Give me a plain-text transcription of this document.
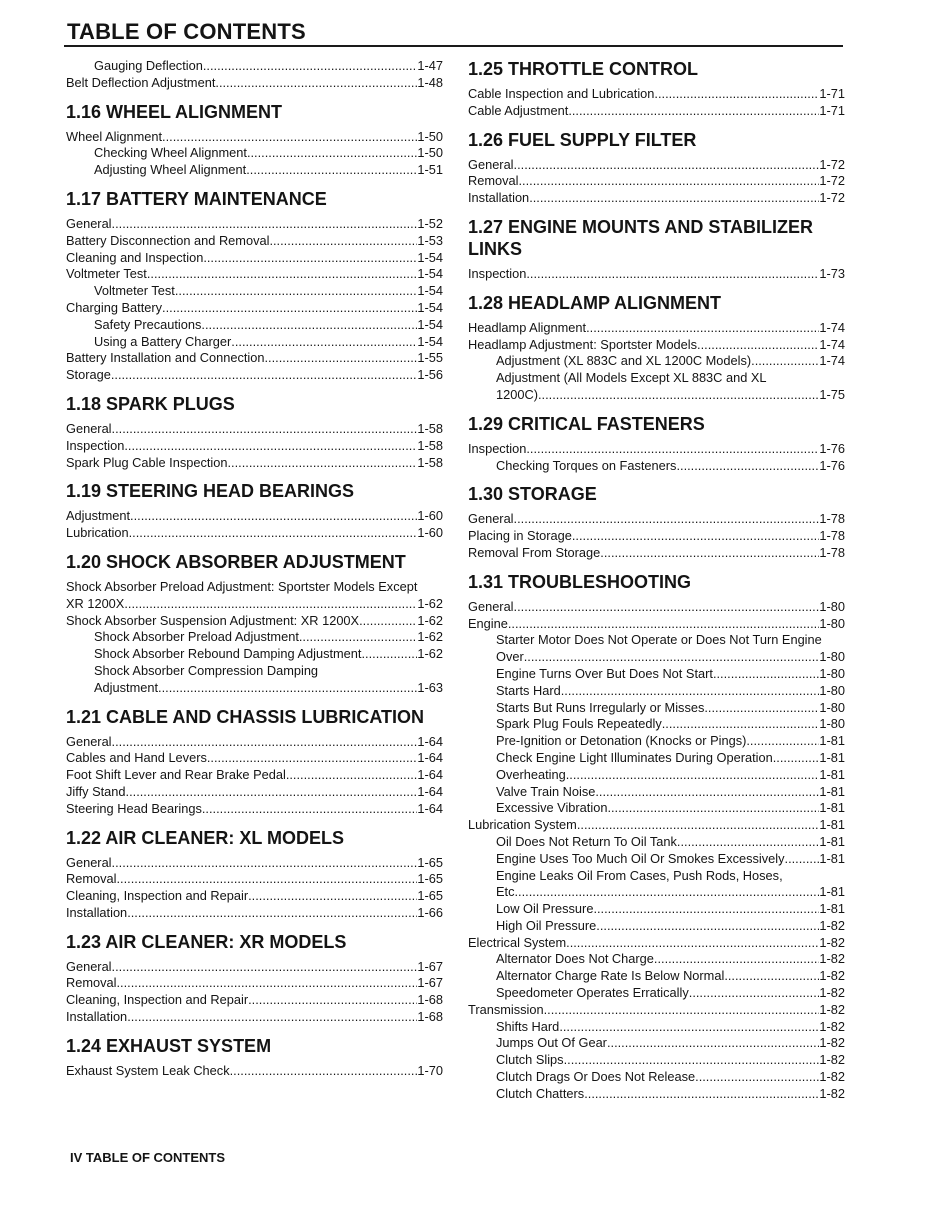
TABLE OF CONTENTS
Gauging Deflection .....	1-47
Belt Deflection Adjustment .....	1-48
1.16 WHEEL ALIGNMENT
Wheel Alignment .....	1-50
Checking Wheel Alignment .....	1-50
Adjusting Wheel Alignment .....	1-51
1.17 BATTERY MAINTENANCE
General .....	1-52
Battery Disconnection and Removal .....	1-53
Cleaning and Inspection .....	1-54
Voltmeter Test .....	1-54
Voltmeter Test .....	1-54
Charging Battery .....	1-54
Safety Precautions .....	1-54
Using a Battery Charger .....	1-54
Battery Installation and Connection .....	1-55
Storage .....	1-56
1.18 SPARK PLUGS
General .....	1-58
Inspection .....	1-58
Spark Plug Cable Inspection .....	1-58
1.19 STEERING HEAD BEARINGS
Adjustment .....	1-60
Lubrication .....	1-60
1.20 SHOCK ABSORBER ADJUSTMENT
Shock Absorber Preload Adjustment: Sportster Models Except
XR 1200X .....	1-62
Shock Absorber Suspension Adjustment: XR 1200X .....	1-62
Shock Absorber Preload Adjustment .....	1-62
Shock Absorber Rebound Damping Adjustment .....	1-62
Shock Absorber Compression Damping
Adjustment .....	1-63
1.21 CABLE AND CHASSIS LUBRICATION
General .....	1-64
Cables and Hand Levers .....	1-64
Foot Shift Lever and Rear Brake Pedal .....	1-64
Jiffy Stand .....	1-64
Steering Head Bearings .....	1-64
1.22 AIR CLEANER: XL MODELS
General .....	1-65
Removal .....	1-65
Cleaning, Inspection and Repair .....	1-65
Installation .....	1-66
1.23 AIR CLEANER: XR MODELS
General .....	1-67
Removal .....	1-67
Cleaning, Inspection and Repair .....	1-68
Installation .....	1-68
1.24 EXHAUST SYSTEM
Exhaust System Leak Check .....	1-70
1.25 THROTTLE CONTROL
Cable Inspection and Lubrication .....	1-71
Cable Adjustment .....	1-71
1.26 FUEL SUPPLY FILTER
General .....	1-72
Removal .....	1-72
Installation .....	1-72
1.27 ENGINE MOUNTS AND STABILIZER LINKS
Inspection .....	1-73
1.28 HEADLAMP ALIGNMENT
Headlamp Alignment .....	1-74
Headlamp Adjustment: Sportster Models .....	1-74
Adjustment (XL 883C and XL 1200C Models) .....	1-74
Adjustment (All Models Except XL 883C and XL
1200C) .....	1-75
1.29 CRITICAL FASTENERS
Inspection .....	1-76
Checking Torques on Fasteners .....	1-76
1.30 STORAGE
General .....	1-78
Placing in Storage .....	1-78
Removal From Storage .....	1-78
1.31 TROUBLESHOOTING
General .....	1-80
Engine .....	1-80
Starter Motor Does Not Operate or Does Not Turn Engine
Over .....	1-80
Engine Turns Over But Does Not Start .....	1-80
Starts Hard .....	1-80
Starts But Runs Irregularly or Misses .....	1-80
Spark Plug Fouls Repeatedly .....	1-80
Pre-Ignition or Detonation (Knocks or Pings) .....	1-81
Check Engine Light Illuminates During Operation .....	1-81
Overheating .....	1-81
Valve Train Noise .....	1-81
Excessive Vibration .....	1-81
Lubrication System .....	1-81
Oil Does Not Return To Oil Tank .....	1-81
Engine Uses Too Much Oil Or Smokes Excessively .....	1-81
Engine Leaks Oil From Cases, Push Rods, Hoses,
Etc .....	1-81
Low Oil Pressure .....	1-81
High Oil Pressure .....	1-82
Electrical System .....	1-82
Alternator Does Not Charge .....	1-82
Alternator Charge Rate Is Below Normal .....	1-82
Speedometer Operates Erratically .....	1-82
Transmission .....	1-82
Shifts Hard .....	1-82
Jumps Out Of Gear .....	1-82
Clutch Slips .....	1-82
Clutch Drags Or Does Not Release .....	1-82
Clutch Chatters .....	1-82
IV TABLE OF CONTENTS
